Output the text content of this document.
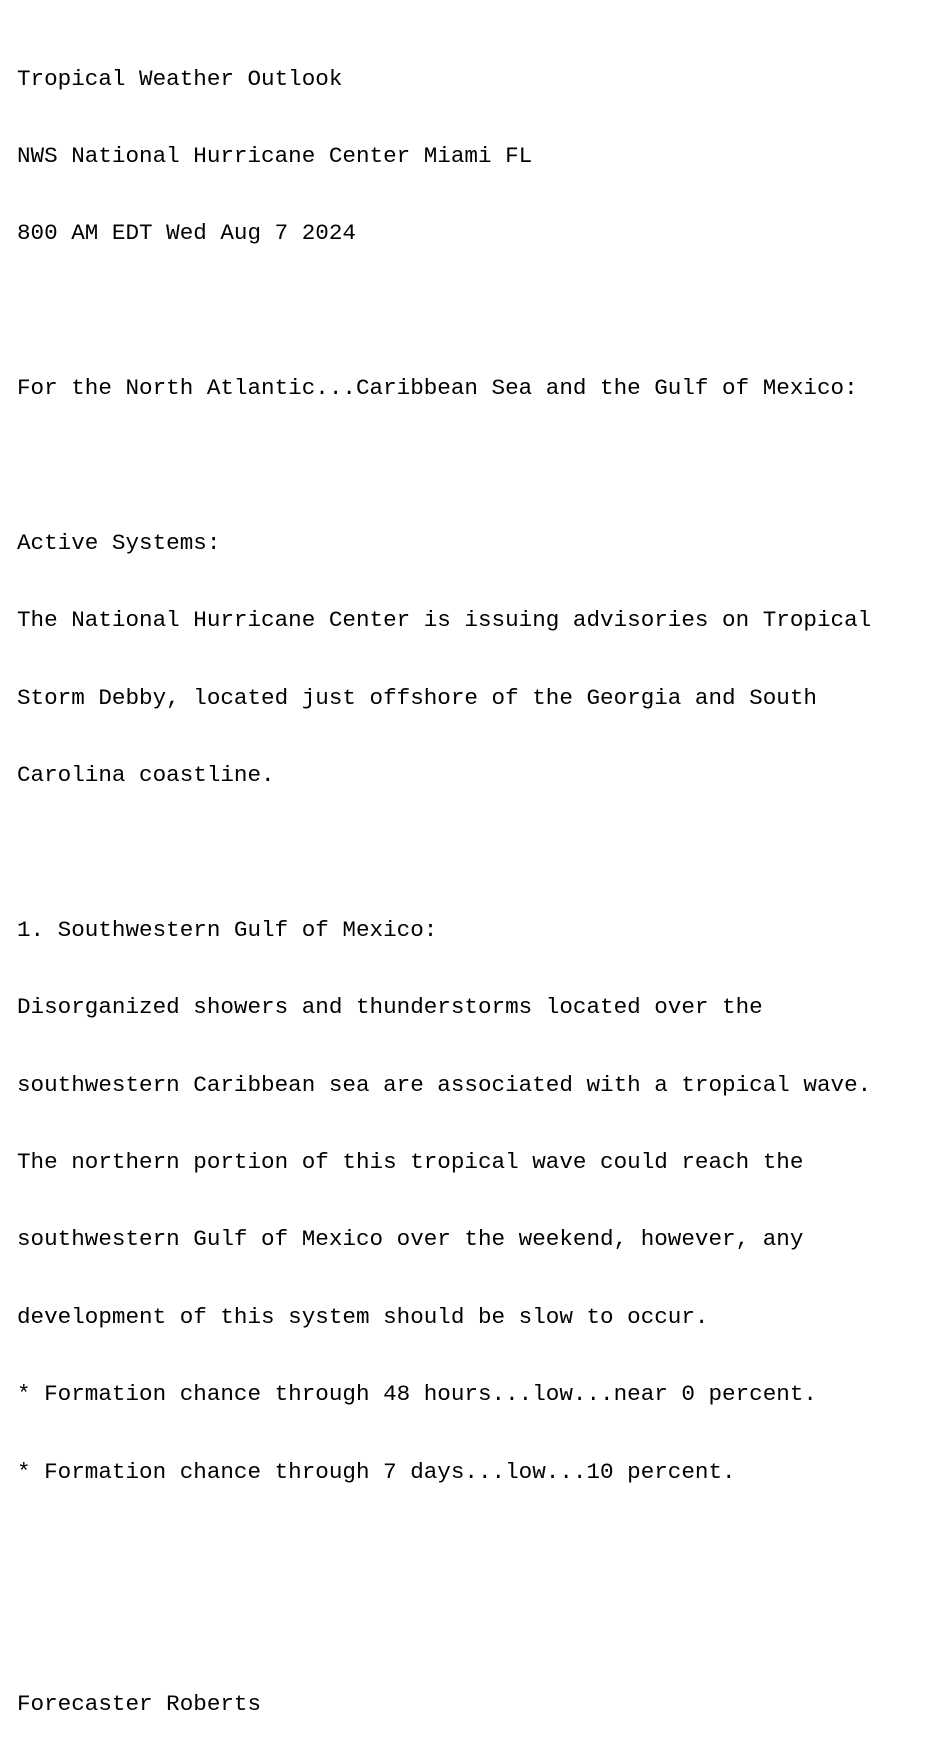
Tropical Weather Outlook

NWS National Hurricane Center Miami FL

800 AM EDT Wed Aug 7 2024

For the North Atlantic...Caribbean Sea and the Gulf of Mexico:

Active Systems:

The National Hurricane Center is issuing advisories on Tropical

Storm Debby, located just offshore of the Georgia and South

Carolina coastline.

1. Southwestern Gulf of Mexico:

Disorganized showers and thunderstorms located over the

southwestern Caribbean sea are associated with a tropical wave.

The northern portion of this tropical wave could reach the

southwestern Gulf of Mexico over the weekend, however, any

development of this system should be slow to occur.

* Formation chance through 48 hours...low...near 0 percent.

* Formation chance through 7 days...low...10 percent.

Forecaster Roberts
